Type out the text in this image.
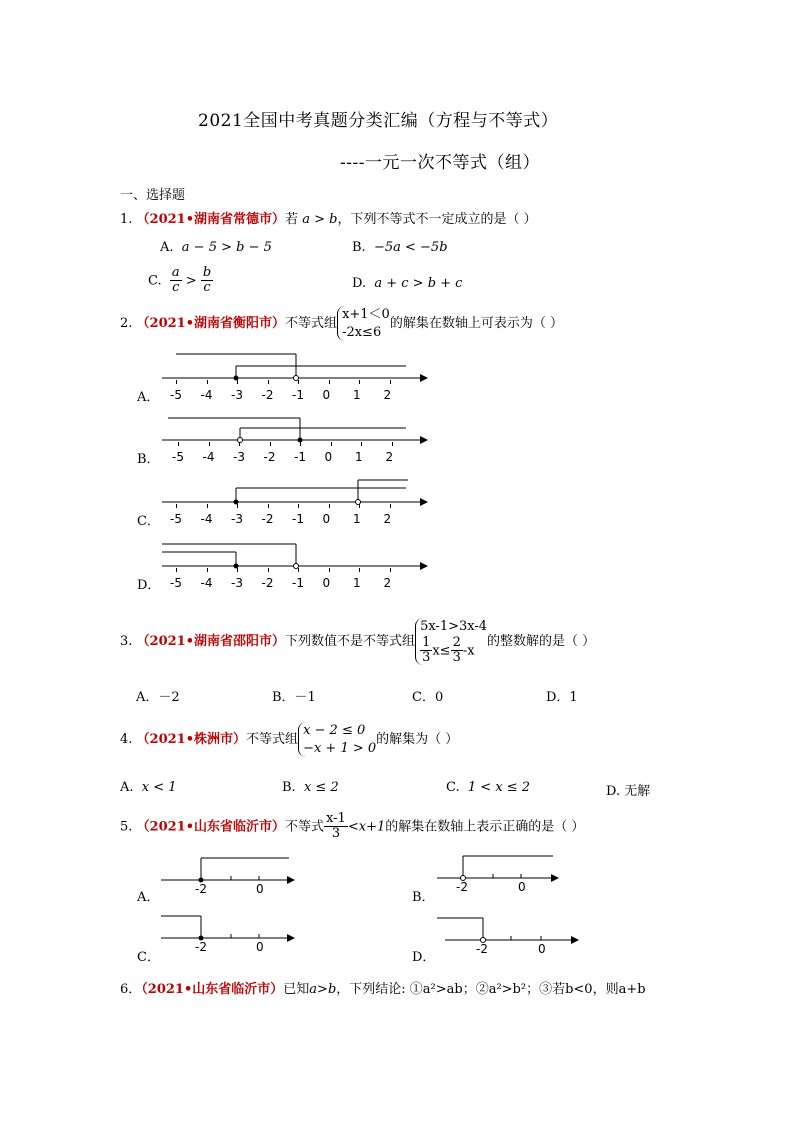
2021全国中考真题分类汇编（方程与不等式）
----一元一次不等式（组）
一、选择题
1. （2021•湖南省常德市）若 a > b，下列不等式不一定成立的是（ ）
A. a − 5 > b − 5	B. −5a < −5b
C. $\frac{a}{c} > \frac{b}{c}$	D. a + c > b + c
2. （2021•湖南省衡阳市）不等式组x+1＜0
-2x≤6的解集在数轴上可表示为（ ）
A．
B．
C．
D．
-5 -4 -3 -2 -1 0 1 2
-5 -4 -3 -2 -1 0 1 2
-5 -4 -3 -2 -1 0 1 2
-5 -4 -3 -2 -1 0 1 2
3. （2021•湖南省邵阳市）下列数值不是不等式组5x-1>3x-4

$\frac{1}{3} x\le \frac{2}{3} -x$的整数解的是（ ）
A．－2	B．－1	C．0	D．1
4. （2021•株洲市）不等式组x − 2 ≤ 0
−x + 1 > 0的解集为（ ）
A. x < 1	B. x ≤ 2	C. 1 < x ≤ 2	D. 无解
5. （2021•山东省临沂市）不等式 $\frac{x-1}{3} <x+1$的解集在数轴上表示正确的是（ ）
A．	B．
C．	D．
-2	0	-2	0
-2	0	-2	0
6．（2021•山东省临沂市）已知a>b，下列结论: ①a²>ab；②a²>b²；③若b<0，则a+b
